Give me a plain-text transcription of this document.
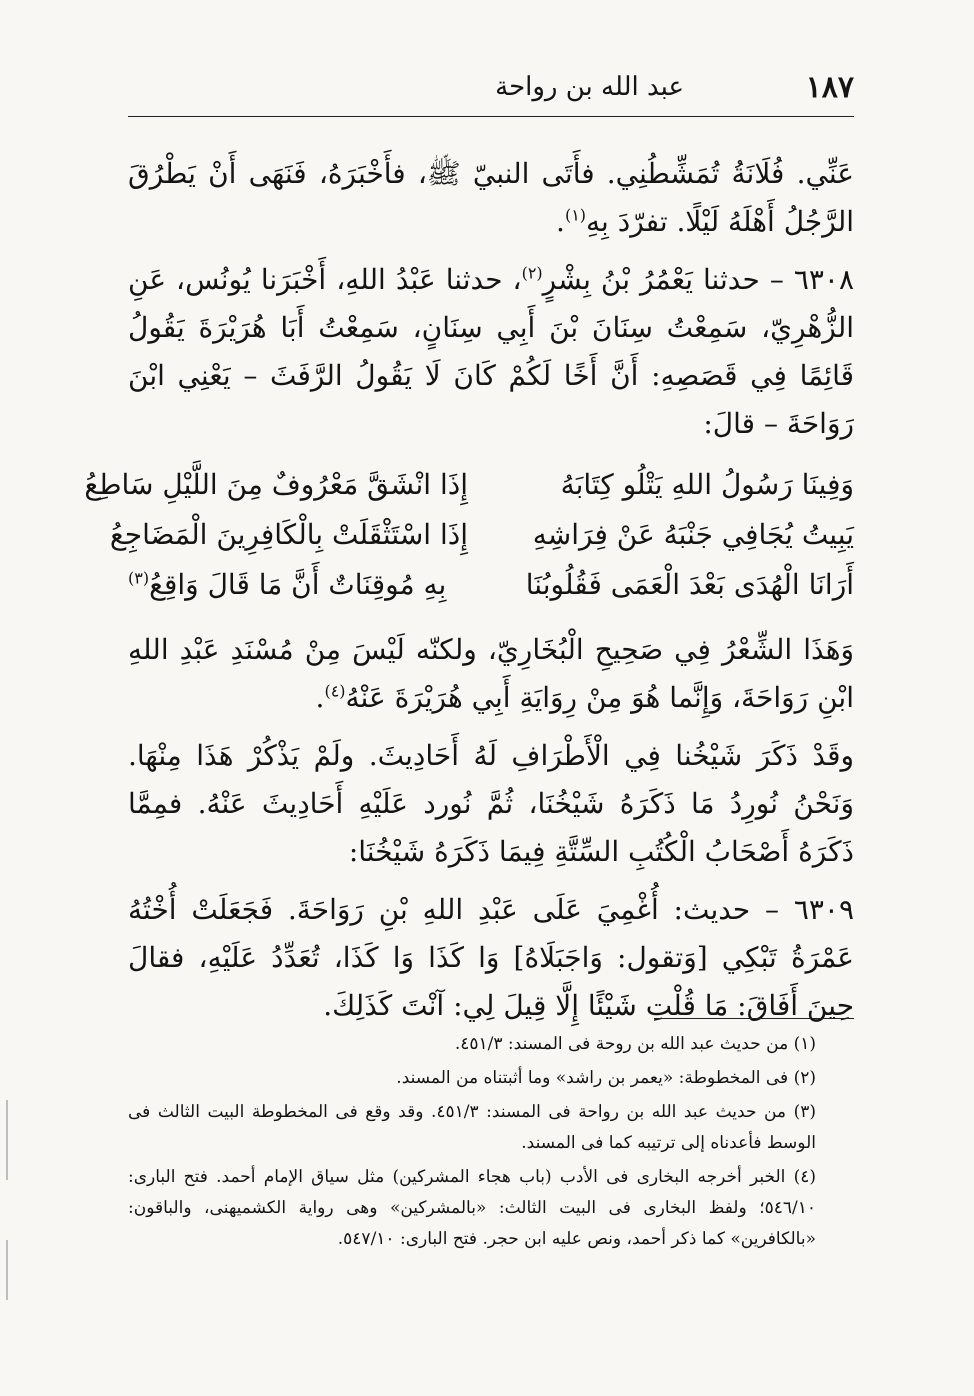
١٨٧
عبد الله بن رواحة

عَنِّي. فُلَانَةُ تُمَشِّطُنِي. فأَتَى النبيّ ﷺ، فأَخْبَرَهُ، فَنَهَى أَنْ يَطْرُقَ الرَّجُلُ أَهْلَهُ لَيْلًا. تفرّدَ بِهِ$^{(١)}$.

٦٣٠٨ – حدثنا يَعْمُرُ بْنُ بِشْرٍ$^{(٢)}$، حدثنا عَبْدُ اللهِ، أَخْبَرَنا يُونُس، عَنِ الزُّهْرِيّ، سَمِعْتُ سِنَانَ بْنَ أَبِي سِنَانٍ، سَمِعْتُ أَبَا هُرَيْرَةَ يَقُولُ قَائِمًا فِي قَصَصِهِ: أَنَّ أَخًا لَكُمْ كَانَ لَا يَقُولُ الرَّفَثَ – يَعْنِي ابْنَ رَوَاحَةَ – قالَ:

وَفِينَا رَسُولُ اللهِ يَتْلُو كِتَابَهُ
إِذَا انْشَقَّ مَعْرُوفٌ مِنَ اللَّيْلِ سَاطِعُ
يَبِيتُ يُجَافِي جَنْبَهُ عَنْ فِرَاشِهِ
إِذَا اسْتَثْقَلَتْ بِالْكَافِرِينَ الْمَضَاجِعُ
أَرَانَا الْهُدَى بَعْدَ الْعَمَى فَقُلُوبُنَا
بِهِ مُوقِنَاتٌ أَنَّ مَا قَالَ وَاقِعُ$^{(٣)}$

وَهَذَا الشِّعْرُ فِي صَحِيحِ الْبُخَارِيّ، ولكنّه لَيْسَ مِنْ مُسْنَدِ عَبْدِ اللهِ ابْنِ رَوَاحَةَ، وَإِنَّما هُوَ مِنْ رِوَايَةِ أَبِي هُرَيْرَةَ عَنْهُ$^{(٤)}$.

وقَدْ ذَكَرَ شَيْخُنا فِي الْأَطْرَافِ لَهُ أَحَادِيثَ. ولَمْ يَذْكُرْ هَذَا مِنْهَا. وَنَحْنُ نُورِدُ مَا ذَكَرَهُ شَيْخُنَا، ثُمَّ نُورد عَلَيْهِ أَحَادِيثَ عَنْهُ. فمِمَّا ذَكَرَهُ أَصْحَابُ الْكُتُبِ السِّتَّةِ فِيمَا ذَكَرَهُ شَيْخُنَا:

٦٣٠٩ – حديث: أُغْمِيَ عَلَى عَبْدِ اللهِ بْنِ رَوَاحَةَ. فَجَعَلَتْ أُخْتُهُ عَمْرَةُ تَبْكِي [وَتقول: وَاجَبَلَاهُ] وَا كَذَا وَا كَذَا، تُعَدِّدُ عَلَيْهِ، فقالَ حِينَ أَفَاقَ: مَا قُلْتِ شَيْئًا إِلَّا قِيلَ لِي: آنْتَ كَذَلِكَ.

(١) من حديث عبد الله بن روحة فى المسند: ٤٥١/٣.

(٢) فى المخطوطة: «يعمر بن راشد» وما أثبتناه من المسند.

(٣) من حديث عبد الله بن رواحة فى المسند: ٤٥١/٣. وقد وقع فى المخطوطة البيت الثالث فى الوسط فأعدناه إلى ترتيبه كما فى المسند.

(٤) الخبر أخرجه البخارى فى الأدب (باب هجاء المشركين) مثل سياق الإمام أحمد. فتح البارى: ٥٤٦/١٠؛ ولفظ البخارى فى البيت الثالث: «بالمشركين» وهى رواية الكشميهنى، والباقون: «بالكافرين» كما ذكر أحمد، ونص عليه ابن حجر. فتح البارى: ٥٤٧/١٠.
